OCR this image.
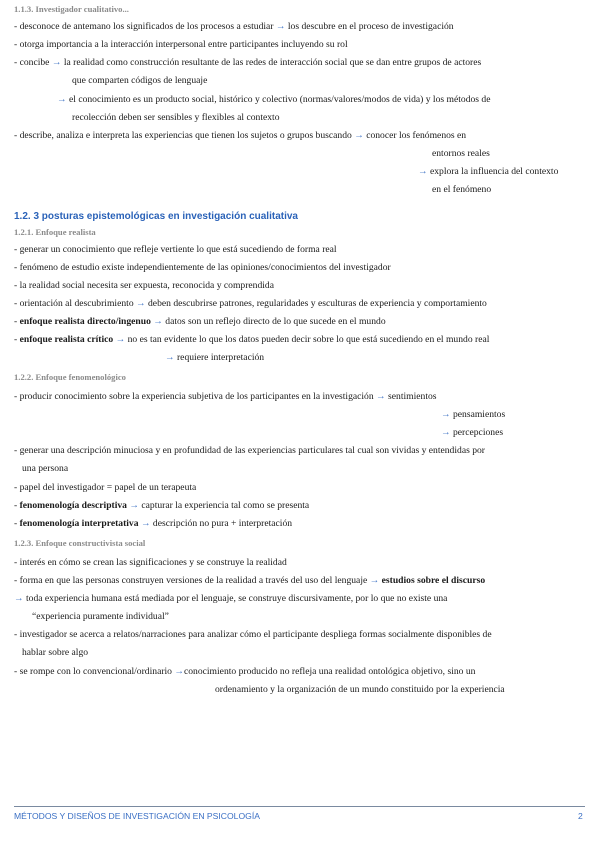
1.1.3. Investigador cualitativo...
- desconoce de antemano los significados de los procesos a estudiar → los descubre en el proceso de investigación
- otorga importancia a la interacción interpersonal entre participantes incluyendo su rol
- concibe → la realidad como construcción resultante de las redes de interacción social que se dan entre grupos de actores
que comparten códigos de lenguaje
→ el conocimiento es un producto social, histórico y colectivo (normas/valores/modos de vida) y los métodos de
recolección deben ser sensibles y flexibles al contexto
- describe, analiza e interpreta las experiencias que tienen los sujetos o grupos buscando → conocer los fenómenos en
entornos reales
→ explora la influencia del contexto
en el fenómeno
1.2. 3 posturas epistemológicas en investigación cualitativa
1.2.1. Enfoque realista
- generar un conocimiento que refleje vertiente lo que está sucediendo de forma real
- fenómeno de estudio existe independientemente de las opiniones/conocimientos del investigador
- la realidad social necesita ser expuesta, reconocida y comprendida
- orientación al descubrimiento → deben descubrirse patrones, regularidades y esculturas de experiencia y comportamiento
- enfoque realista directo/ingenuo → datos son un reflejo directo de lo que sucede en el mundo
- enfoque realista crítico → no es tan evidente lo que los datos pueden decir sobre lo que está sucediendo en el mundo real
→ requiere interpretación
1.2.2. Enfoque fenomenológico
- producir conocimiento sobre la experiencia subjetiva de los participantes en la investigación → sentimientos
→ pensamientos
→ percepciones
- generar una descripción minuciosa y en profundidad de las experiencias particulares tal cual son vividas y entendidas por
una persona
- papel del investigador = papel de un terapeuta
- fenomenología descriptiva → capturar la experiencia tal como se presenta
- fenomenología interpretativa → descripción no pura + interpretación
1.2.3. Enfoque constructivista social
- interés en cómo se crean las significaciones y se construye la realidad
- forma en que las personas construyen versiones de la realidad a través del uso del lenguaje → estudios sobre el discurso
→ toda experiencia humana está mediada por el lenguaje, se construye discursivamente, por lo que no existe una
“experiencia puramente individual”
- investigador se acerca a relatos/narraciones para analizar cómo el participante despliega formas socialmente disponibles de
hablar sobre algo
- se rompe con lo convencional/ordinario →conocimiento producido no refleja una realidad ontológica objetivo, sino un
ordenamiento y la organización de un mundo constituido por la experiencia
MÉTODOS Y DISEÑOS DE INVESTIGACIÓN EN PSICOLOGÍA	2
